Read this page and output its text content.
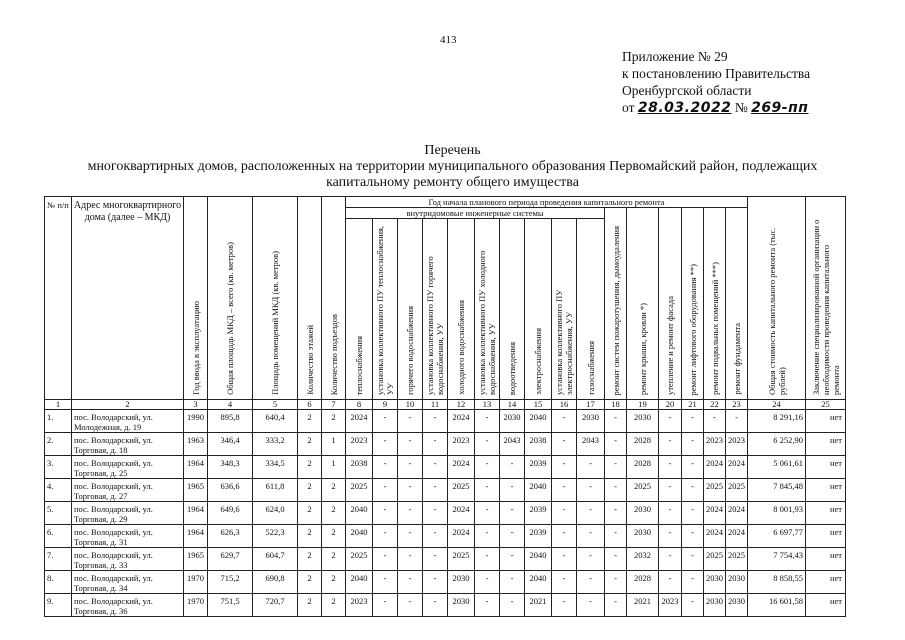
413
Приложение № 29
к постановлению Правительства
Оренбургской области
от 28.03.2022 № 269-пп
Перечень
многоквартирных домов, расположенных на территории муниципального образования Первомайский район, подлежащих
капитальному ремонту общего имущества
№ п/п	Адрес многоквартирного дома (далее – МКД)	Год ввода в эксплуатацию	Общая площадь МКД – всего (кв. метров)	Площадь помещений МКД (кв. метров)	Количество этажей	Количество подъездов	Год начала планового периода проведения капитального ремонта																Общая стоимость капитального ремонта (тыс. рублей)	Заключение специализированной организации о необходимости проведения капитального ремонта

							внутридомовые инженерные системы										ремонт систем пожаротушения, дымоудаления	ремонт крыши, кровли *)	утепление и ремонт фасада	ремонт лифтового оборудования **)	ремонт подвальных помещений ***)	ремонт фундамента		

							теплоснабжения	установка коллективного ПУ теплоснабжения, УУ	горячего водоснабжения	установка коллективного ПУ горячего водоснабжения, УУ	холодного водоснабжения	установка коллективного ПУ холодного водоснабжения, УУ	водоотведения	электроснабжения	установка коллективного ПУ электроснабжения, УУ	газоснабжения								

1	2	3	4	5	6	7	8	9	10	11	12	13	14	15	16	17	18	19	20	21	22	23	24	25
1.	пос. Володарский, ул. Молодежная, д. 19	1990	895,8	640,4	2	2	2024	-	-	-	2024	-	2030	2040	-	2030	-	2030	-	-	-	-	8 291,16	нет
2.	пос. Володарский, ул. Торговая, д. 18	1963	346,4	333,2	2	1	2023	-	-	-	2023	-	2043	2038	-	2043	-	2028	-	-	2023	2023	6 252,90	нет
3.	пос. Володарский, ул. Торговая, д. 25	1964	348,3	334,5	2	1	2038	-	-	-	2024	-	-	2039	-	-	-	2028	-	-	2024	2024	5 061,61	нет
4.	пос. Володарский, ул. Торговая, д. 27	1965	636,6	611,8	2	2	2025	-	-	-	2025	-	-	2040	-	-	-	2025	-	-	2025	2025	7 845,48	нет
5.	пос. Володарский, ул. Торговая, д. 29	1964	649,6	624,0	2	2	2040	-	-	-	2024	-	-	2039	-	-	-	2030	-	-	2024	2024	8 001,93	нет
6.	пос. Володарский, ул. Торговая, д. 31	1964	626,3	522,3	2	2	2040	-	-	-	2024	-	-	2039	-	-	-	2030	-	-	2024	2024	6 697,77	нет
7.	пос. Володарский, ул. Торговая, д. 33	1965	629,7	604,7	2	2	2025	-	-	-	2025	-	-	2040	-	-	-	2032	-	-	2025	2025	7 754,43	нет
8.	пос. Володарский, ул. Торговая, д. 34	1970	715,2	690,8	2	2	2040	-	-	-	2030	-	-	2040	-	-	-	2028	-	-	2030	2030	8 858,55	нет
9.	пос. Володарский, ул. Торговая, д. 36	1970	751,5	720,7	2	2	2023	-	-	-	2030	-	-	2021	-	-	-	2021	2023	-	2030	2030	16 601,58	нет
